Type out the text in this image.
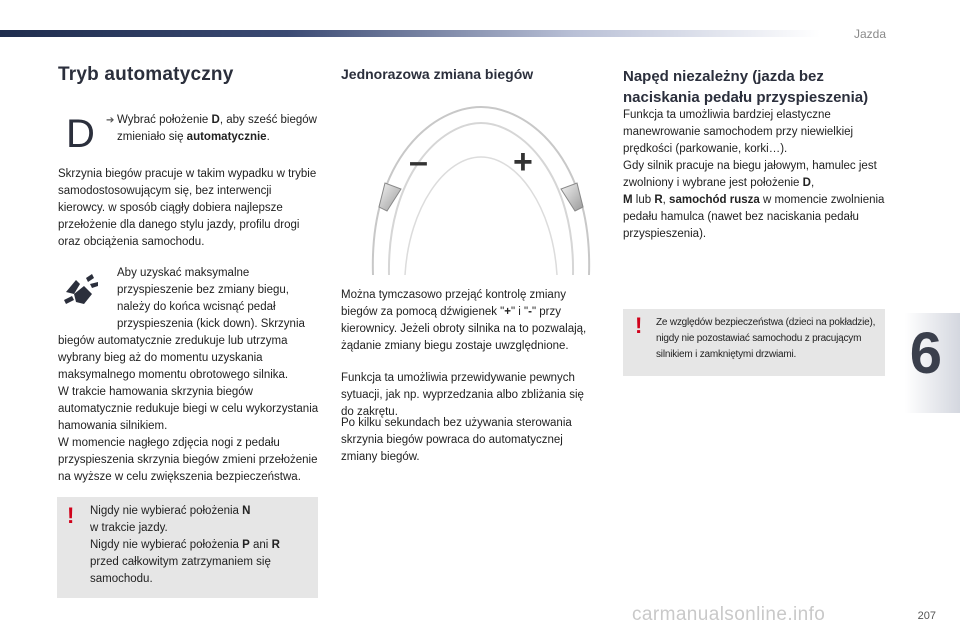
Jazda
Tryb automatyczny
D ➔ Wybrać położenie D, aby sześć biegów zmieniało się automatycznie.
Skrzynia biegów pracuje w takim wypadku w trybie samodostosowującym się, bez interwencji kierowcy. w sposób ciągły dobiera najlepsze przełożenie dla danego stylu jazdy, profilu drogi oraz obciążenia samochodu.
Aby uzyskać maksymalne przyspieszenie bez zmiany biegu, należy do końca wcisnąć pedał przyspieszenia (kick down). Skrzynia
biegów automatycznie zredukuje lub utrzyma wybrany bieg aż do momentu uzyskania maksymalnego momentu obrotowego silnika.
W trakcie hamowania skrzynia biegów automatycznie redukuje biegi w celu wykorzystania hamowania silnikiem.
W momencie nagłego zdjęcia nogi z pedału przyspieszenia skrzynia biegów zmieni przełożenie na wyższe w celu zwiększenia bezpieczeństwa.
! Nigdy nie wybierać położenia N
w trakcie jazdy.
Nigdy nie wybierać położenia P ani R
przed całkowitym zatrzymaniem się samochodu.
Jednorazowa zmiana biegów
–	+
Można tymczasowo przejąć kontrolę zmiany biegów za pomocą dźwigienek "+" i "-" przy kierownicy. Jeżeli obroty silnika na to pozwalają, żądanie zmiany biegu zostaje uwzględnione.
Funkcja ta umożliwia przewidywanie pewnych sytuacji, jak np. wyprzedzania albo zbliżania się do zakrętu.
Po kilku sekundach bez używania sterowania skrzynia biegów powraca do automatycznej zmiany biegów.
Napęd niezależny (jazda bez
naciskania pedału przyspieszenia)
Funkcja ta umożliwia bardziej elastyczne manewrowanie samochodem przy niewielkiej prędkości (parkowanie, korki…).
Gdy silnik pracuje na biegu jałowym, hamulec jest zwolniony i wybrane jest położenie D,
M lub R, samochód rusza w momencie zwolnienia pedału hamulca (nawet bez naciskania pedału przyspieszenia).
! Ze względów bezpieczeństwa (dzieci na pokładzie), nigdy nie pozostawiać samochodu z pracującym silnikiem i zamkniętymi drzwiami.	6
carmanualsonline.info	207
